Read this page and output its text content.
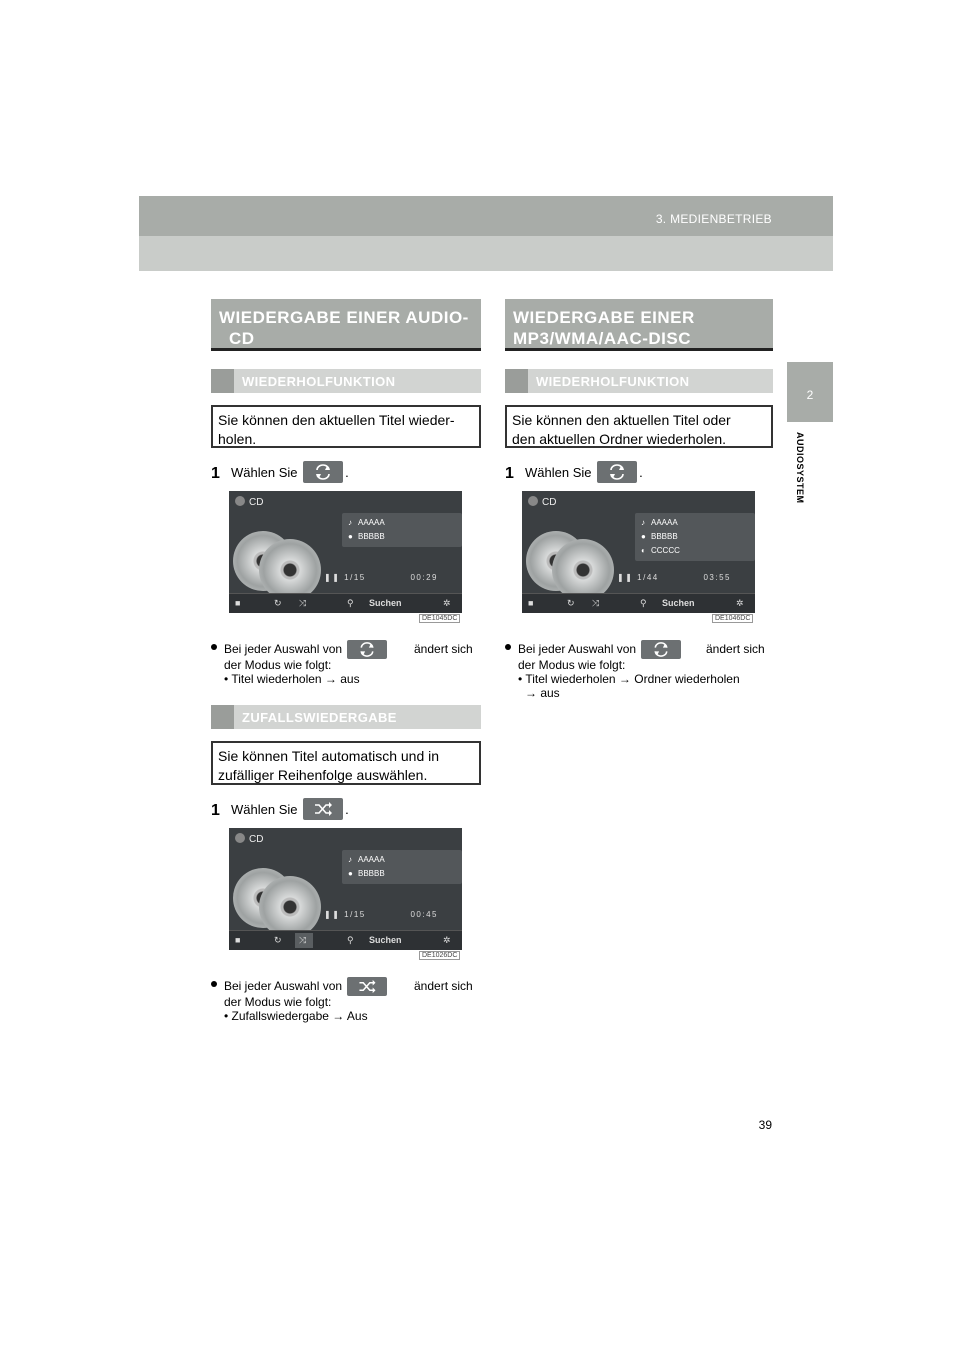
3. MEDIENBETRIEB
2
AUDIOSYSTEM
WIEDERGABE EINER AUDIO-
CD
WIEDERHOLFUNKTION
Sie können den aktuellen Titel wieder-
holen.
1 Wählen Sie	.
CD
♪ AAAAA
● BBBBB
❚❚ 1/15	00:29
■	↻ ⤨	⚲ Suchen	✲
DE1045DC
Bei jeder Auswahl von	ändert sich
der Modus wie folgt:
• Titel wiederholen → aus
ZUFALLSWIEDERGABE
Sie können Titel automatisch und in
zufälliger Reihenfolge auswählen.
1 Wählen Sie	.
CD
♪ AAAAA
● BBBBB
❚❚ 1/15	00:45
■	↻ ⤨	⚲ Suchen	✲
DE1026DC
Bei jeder Auswahl von	ändert sich
der Modus wie folgt:
• Zufallswiedergabe → Aus
WIEDERGABE EINER
MP3/WMA/AAC-DISC
WIEDERHOLFUNKTION
Sie können den aktuellen Titel oder
den aktuellen Ordner wiederholen.
1 Wählen Sie	.
CD
♪ AAAAA
● BBBBB
◐ CCCCC
❚❚ 1/44	03:55
■	↻ ⤨	⚲ Suchen	✲
DE1046DC
Bei jeder Auswahl von	ändert sich
der Modus wie folgt:
• Titel wiederholen → Ordner wiederholen
→ aus
39
